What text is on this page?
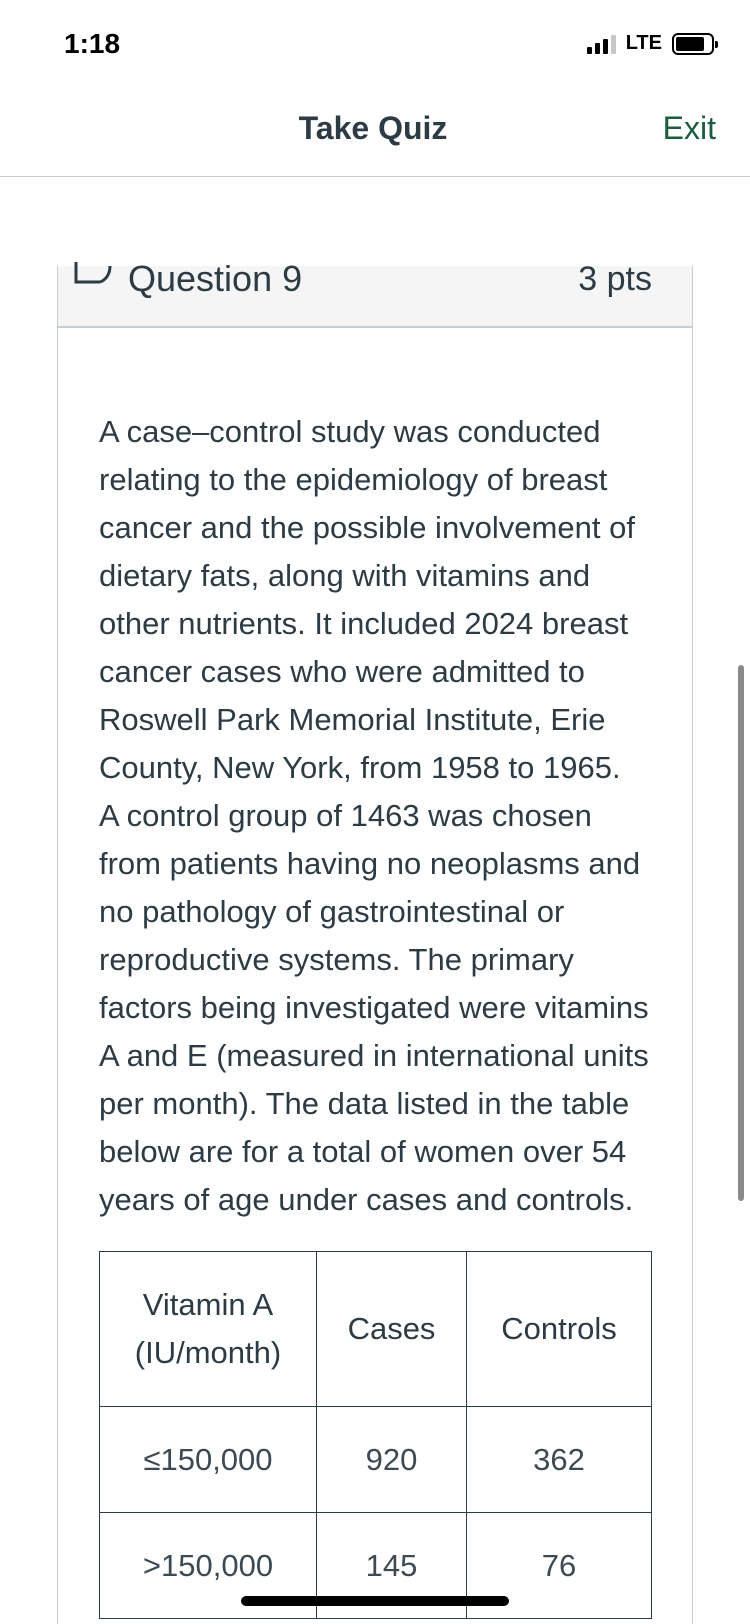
1:18	LTE
Take Quiz	Exit
Question 9	3 pts
A case–control study was conducted
relating to the epidemiology of breast
cancer and the possible involvement of
dietary fats, along with vitamins and
other nutrients. It included 2024 breast
cancer cases who were admitted to
Roswell Park Memorial Institute, Erie
County, New York, from 1958 to 1965.
A control group of 1463 was chosen
from patients having no neoplasms and
no pathology of gastrointestinal or
reproductive systems. The primary
factors being investigated were vitamins
A and E (measured in international units
per month). The data listed in the table
below are for a total of women over 54
years of age under cases and controls.
Vitamin A
(IU/month)	Cases	Controls
≤150,000	920	362
>150,000	145	76
